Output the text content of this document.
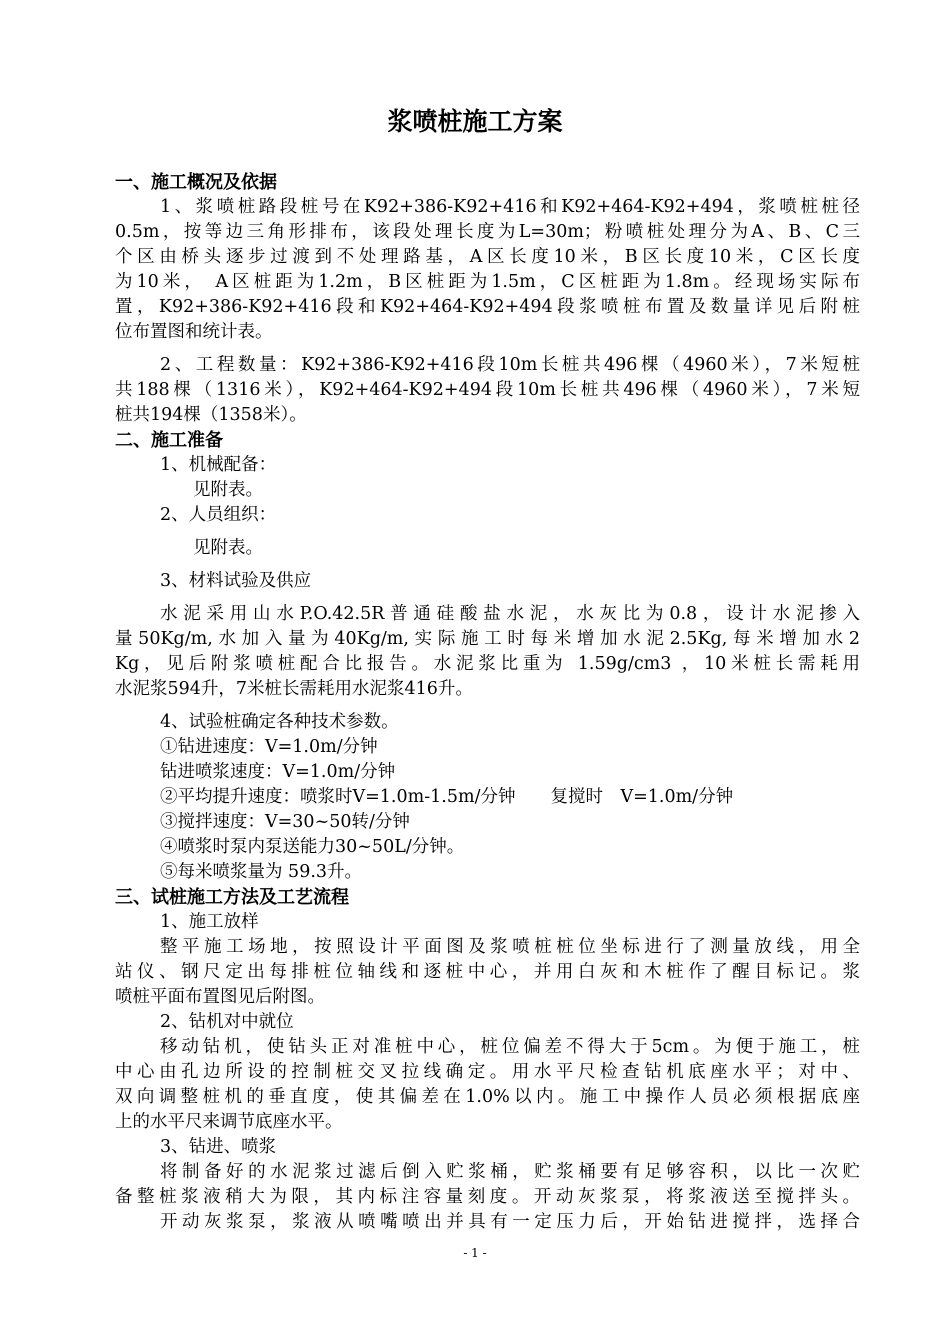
浆喷桩施工方案

一、施工概况及依据

1、浆喷桩路段桩号在K92+386-K92+416和K92+464-K92+494，浆喷桩桩径

0.5m，按等边三角形排布，该段处理长度为L=30m；粉喷桩处理分为A、B、C三

个区由桥头逐步过渡到不处理路基，A区长度10米，B区长度10米，C区长度

为10米， A区桩距为1.2m，B区桩距为1.5m，C区桩距为1.8m。经现场实际布

置，K92+386-K92+416段和K92+464-K92+494段浆喷桩布置及数量详见后附桩

位布置图和统计表。

2、工程数量：K92+386-K92+416段10m长桩共496棵（4960米），7米短桩

共188棵（1316米），K92+464-K92+494段10m长桩共496棵（4960米），7米短

桩共194棵（1358米）。

二、施工准备

1、机械配备：

见附表。

2、人员组织：

见附表。

3、材料试验及供应

水泥采用山水P.O.42.5R普通硅酸盐水泥，水灰比为0.8，设计水泥掺入

量50Kg/m,水加入量为40Kg/m,实际施工时每米增加水泥2.5Kg,每米增加水2

Kg，见后附浆喷桩配合比报告。水泥浆比重为 1.59g/cm3 ，10米桩长需耗用

水泥浆594升，7米桩长需耗用水泥浆416升。

4、试验桩确定各种技术参数。

①钻进速度：V=1.0m/分钟

钻进喷浆速度：V=1.0m/分钟

②平均提升速度：喷浆时V=1.0m-1.5m/分钟　　复搅时　V=1.0m/分钟

③搅拌速度：V=30~50转/分钟

④喷浆时泵内泵送能力30~50L/分钟。

⑤每米喷浆量为 59.3升。

三、试桩施工方法及工艺流程

1、施工放样

整平施工场地，按照设计平面图及浆喷桩桩位坐标进行了测量放线，用全

站仪、钢尺定出每排桩位轴线和逐桩中心，并用白灰和木桩作了醒目标记。浆

喷桩平面布置图见后附图。

2、钻机对中就位

移动钻机，使钻头正对准桩中心，桩位偏差不得大于5cm。为便于施工，桩

中心由孔边所设的控制桩交叉拉线确定。用水平尺检查钻机底座水平；对中、

双向调整桩机的垂直度，使其偏差在1.0%以内。施工中操作人员必须根据底座

上的水平尺来调节底座水平。

3、钻进、喷浆

将制备好的水泥浆过滤后倒入贮浆桶，贮浆桶要有足够容积，以比一次贮

备整桩浆液稍大为限，其内标注容量刻度。开动灰浆泵，将浆液送至搅拌头。

开动灰浆泵，浆液从喷嘴喷出并具有一定压力后，开始钻进搅拌，选择合

- 1 -
